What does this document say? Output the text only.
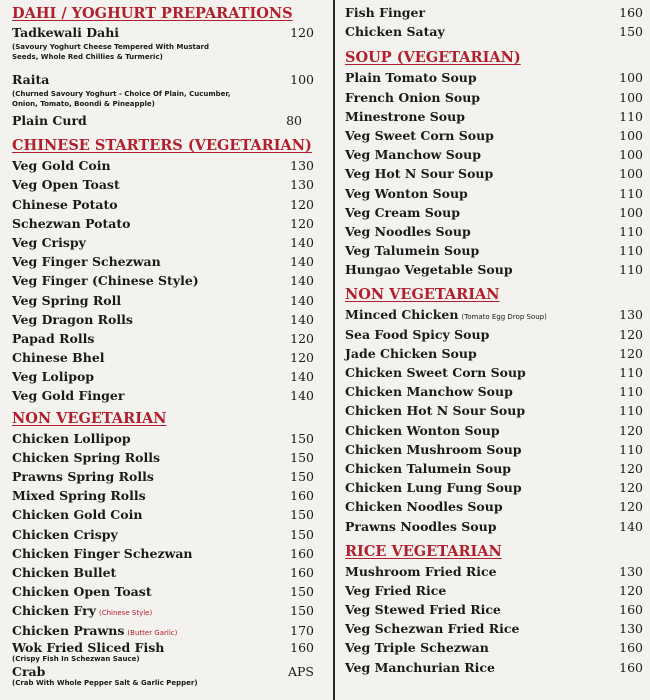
DAHI / YOGHURT PREPARATIONS
Tadkewali Dahi	120
(Savoury Yoghurt Cheese Tempered With Mustard
Seeds, Whole Red Chillies & Turmeric)
Raita	100
(Churned Savoury Yoghurt - Choice Of Plain, Cucumber,
Onion, Tomato, Boondi & Pineapple)
Plain Curd	80
CHINESE STARTERS (VEGETARIAN)
Veg Gold Coin	130
Veg Open Toast	130
Chinese Potato	120
Schezwan Potato	120
Veg Crispy	140
Veg Finger Schezwan	140
Veg Finger (Chinese Style)	140
Veg Spring Roll	140
Veg Dragon Rolls	140
Papad Rolls	120
Chinese Bhel	120
Veg Lolipop	140
Veg Gold Finger	140
NON VEGETARIAN
Chicken Lollipop	150
Chicken Spring Rolls	150
Prawns Spring Rolls	150
Mixed Spring Rolls	160
Chicken Gold Coin	150
Chicken Crispy	150
Chicken Finger Schezwan	160
Chicken Bullet	160
Chicken Open Toast	150
Chicken Fry (Chinese Style)	150
Chicken Prawns (Butter Garlic)	170
Wok Fried Sliced Fish	160
(Crispy Fish In Schezwan Sauce)
Crab	APS
(Crab With Whole Pepper Salt & Garlic Pepper)
Fish Finger	160
Chicken Satay	150
SOUP (VEGETARIAN)
Plain Tomato Soup	100
French Onion Soup	100
Minestrone Soup	110
Veg Sweet Corn Soup	100
Veg Manchow Soup	100
Veg Hot N Sour Soup	100
Veg Wonton Soup	110
Veg Cream Soup	100
Veg Noodles Soup	110
Veg Talumein Soup	110
Hungao Vegetable Soup	110
NON VEGETARIAN
Minced Chicken (Tomato Egg Drop Soup)	130
Sea Food Spicy Soup	120
Jade Chicken Soup	120
Chicken Sweet Corn Soup	110
Chicken Manchow Soup	110
Chicken Hot N Sour Soup	110
Chicken Wonton Soup	120
Chicken Mushroom Soup	110
Chicken Talumein Soup	120
Chicken Lung Fung Soup	120
Chicken Noodles Soup	120
Prawns Noodles Soup	140
RICE VEGETARIAN
Mushroom Fried Rice	130
Veg Fried Rice	120
Veg Stewed Fried Rice	160
Veg Schezwan Fried Rice	130
Veg Triple Schezwan	160
Veg Manchurian Rice	160
